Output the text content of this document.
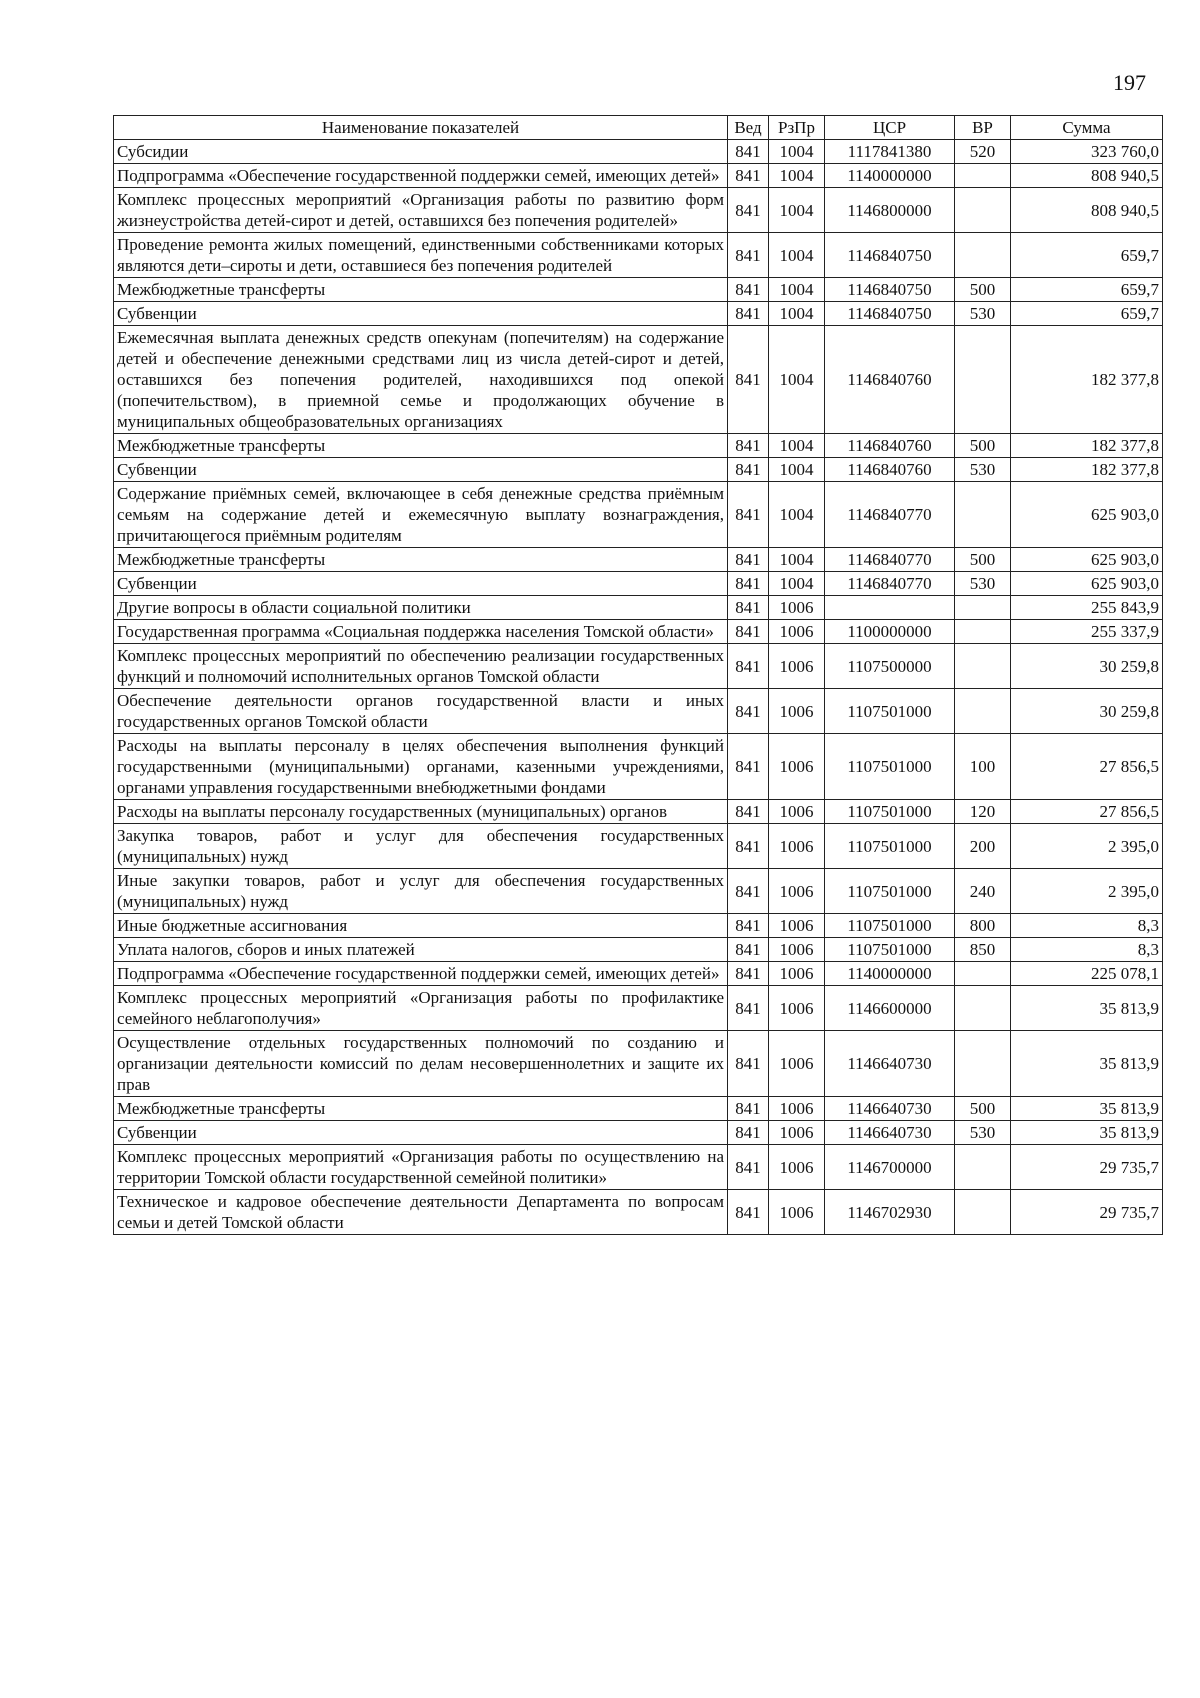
197
Наименование показателей	Вед	РзПр	ЦСР	ВР	Сумма
Субсидии	841	1004	1117841380	520	323 760,0
Подпрограмма «Обеспечение государственной поддержки семей, имеющих детей»	841	1004	1140000000		808 940,5
Комплекс процессных мероприятий «Организация работы по развитию форм жизнеустройства детей-сирот и детей, оставшихся без попечения родителей»	841	1004	1146800000		808 940,5
Проведение ремонта жилых помещений, единственными собственниками которых являются дети–сироты и дети, оставшиеся без попечения родителей	841	1004	1146840750		659,7
Межбюджетные трансферты	841	1004	1146840750	500	659,7
Субвенции	841	1004	1146840750	530	659,7
Ежемесячная выплата денежных средств опекунам (попечителям) на содержание детей и обеспечение денежными средствами лиц из числа детей-сирот и детей, оставшихся без попечения родителей, находившихся под опекой (попечительством), в приемной семье и продолжающих обучение в муниципальных общеобразовательных организациях	841	1004	1146840760		182 377,8
Межбюджетные трансферты	841	1004	1146840760	500	182 377,8
Субвенции	841	1004	1146840760	530	182 377,8
Содержание приёмных семей, включающее в себя денежные средства приёмным семьям на содержание детей и ежемесячную выплату вознаграждения, причитающегося приёмным родителям	841	1004	1146840770		625 903,0
Межбюджетные трансферты	841	1004	1146840770	500	625 903,0
Субвенции	841	1004	1146840770	530	625 903,0
Другие вопросы в области социальной политики	841	1006			255 843,9
Государственная программа «Социальная поддержка населения Томской области»	841	1006	1100000000		255 337,9
Комплекс процессных мероприятий по обеспечению реализации государственных функций и полномочий исполнительных органов Томской области	841	1006	1107500000		30 259,8
Обеспечение деятельности органов государственной власти и иных государственных органов Томской области	841	1006	1107501000		30 259,8
Расходы на выплаты персоналу в целях обеспечения выполнения функций государственными (муниципальными) органами, казенными учреждениями, органами управления государственными внебюджетными фондами	841	1006	1107501000	100	27 856,5
Расходы на выплаты персоналу государственных (муниципальных) органов	841	1006	1107501000	120	27 856,5
Закупка товаров, работ и услуг для обеспечения государственных (муниципальных) нужд	841	1006	1107501000	200	2 395,0
Иные закупки товаров, работ и услуг для обеспечения государственных (муниципальных) нужд	841	1006	1107501000	240	2 395,0
Иные бюджетные ассигнования	841	1006	1107501000	800	8,3
Уплата налогов, сборов и иных платежей	841	1006	1107501000	850	8,3
Подпрограмма «Обеспечение государственной поддержки семей, имеющих детей»	841	1006	1140000000		225 078,1
Комплекс процессных мероприятий «Организация работы по профилактике семейного неблагополучия»	841	1006	1146600000		35 813,9
Осуществление отдельных государственных полномочий по созданию и организации деятельности комиссий по делам несовершеннолетних и защите их прав	841	1006	1146640730		35 813,9
Межбюджетные трансферты	841	1006	1146640730	500	35 813,9
Субвенции	841	1006	1146640730	530	35 813,9
Комплекс процессных мероприятий «Организация работы по осуществлению на территории Томской области государственной семейной политики»	841	1006	1146700000		29 735,7
Техническое и кадровое обеспечение деятельности Департамента по вопросам семьи и детей Томской области	841	1006	1146702930		29 735,7
